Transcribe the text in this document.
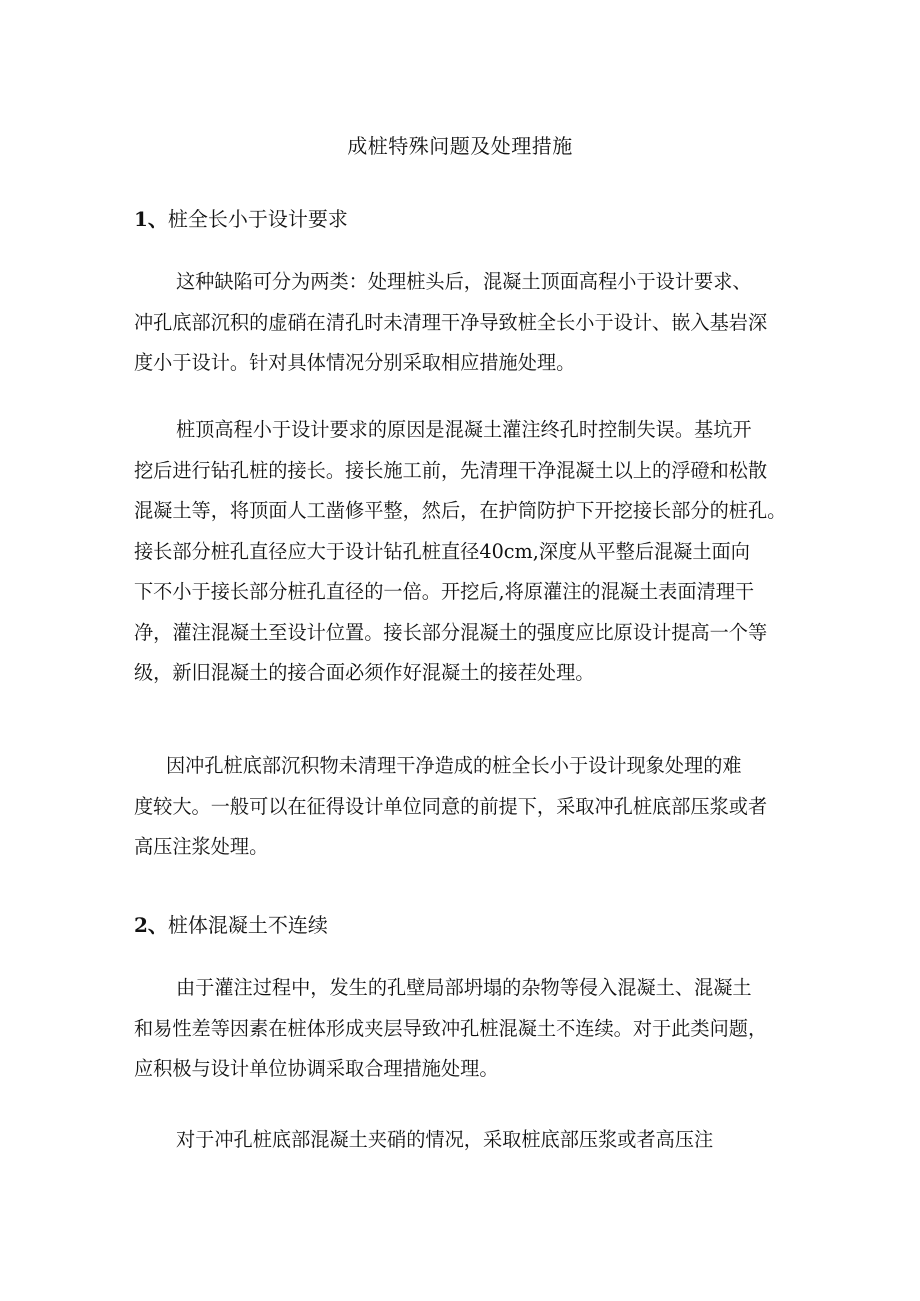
成桩特殊问题及处理措施
1、桩全长小于设计要求
这种缺陷可分为两类：处理桩头后，混凝土顶面高程小于设计要求、
冲孔底部沉积的虚硝在清孔时未清理干净导致桩全长小于设计、嵌入基岩深
度小于设计。针对具体情况分别采取相应措施处理。
桩顶高程小于设计要求的原因是混凝土灌注终孔时控制失误。基坑开
挖后进行钻孔桩的接长。接长施工前，先清理干净混凝土以上的浮磴和松散
混凝土等，将顶面人工凿修平整，然后，在护筒防护下开挖接长部分的桩孔。
接长部分桩孔直径应大于设计钻孔桩直径40cm,深度从平整后混凝土面向
下不小于接长部分桩孔直径的一倍。开挖后,将原灌注的混凝土表面清理干
净，灌注混凝土至设计位置。接长部分混凝土的强度应比原设计提高一个等
级，新旧混凝土的接合面必须作好混凝土的接茬处理。
因冲孔桩底部沉积物未清理干净造成的桩全长小于设计现象处理的难
度较大。一般可以在征得设计单位同意的前提下，采取冲孔桩底部压浆或者
高压注浆处理。
2、桩体混凝土不连续
由于灌注过程中，发生的孔壁局部坍塌的杂物等侵入混凝土、混凝土
和易性差等因素在桩体形成夹层导致冲孔桩混凝土不连续。对于此类问题，
应积极与设计单位协调采取合理措施处理。
对于冲孔桩底部混凝土夹硝的情况，采取桩底部压浆或者高压注
